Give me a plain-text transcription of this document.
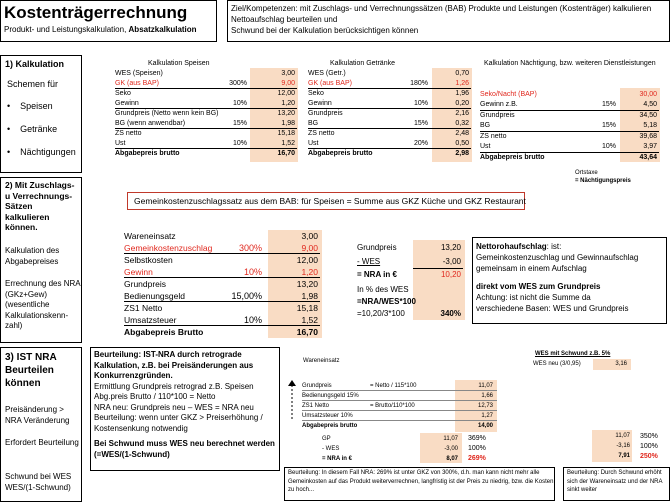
Kostenträgerrechnung
Produkt- und Leistungskalkulation, Absatzkalkulation
Ziel/Kompetenzen: mit Zuschlags- und Verrechnungssätzen (BAB) Produkte und Leistungen (Kostenträger) kalkulieren
Nettoaufschlag beurteilen und
Schwund bei der Kalkulation berücksichtigen können
1) Kalkulation
Schemen für
•    Speisen
•    Getränke
•    Nächtigungen
2) Mit Zuschlags- u Verrechnungs-Sätzen kalkulieren können.
Kalkulation des Abgabepreises
Errechnung des NRA (GKz+Gew) (wesentliche Kalkulationskenn-zahl)
3) IST NRA Beurteilen können
Preisänderung > NRA Veränderung
Erfordert Beurteilung
Schwund bei WES WES/(1-Schwund)
Kalkulation Speisen
WES (Speisen)	3,00
GK (aus BAP)	300%	9,00
Seko	12,00
Gewinn	10%	1,20
Grundpreis (Netto wenn kein BG)	13,20
BG (wenn anwendbar)	15%	1,98
ZS netto	15,18
Ust	10%	1,52
Abgabepreis brutto	16,70
Kalkulation Getränke
WES (Getr.)	0,70
GK (aus BAP)	180%	1,26
Seko	1,96
Gewinn	10%	0,20
Grundpreis	2,16
BG	15%	0,32
ZS netto	2,48
Ust	20%	0,50
Abgabepreis brutto	2,98
Kalkulation Nächtigung, bzw. weiteren Dienstleistungen
Seko/Nacht (BAP)	30,00
Gewinn z.B.	15%	4,50
Grundpreis	34,50
BG	15%	5,18
ZS netto	39,68
Ust	10%	3,97
Abgabepreis brutto	43,64
Ortstaxe
= Nächtigungspreis
Gemeinkostenzuschlagssatz aus dem BAB: für Speisen = Summe aus GKZ Küche und GKZ Restaurant
Wareneinsatz	3,00
Gemeinkostenzuschlag	300%	9,00
Selbstkosten	12,00
Gewinn	10%	1,20
Grundpreis	13,20
Bedienungsgeld	15,00%	1,98
ZS1 Netto	15,18
Umsatzsteuer	10%	1,52
Abgabepreis Brutto	16,70
Grundpreis	13,20
- WES	-3,00
= NRA in €	10,20
In % des WES
=NRA/WES*100
=10,20/3*100	340%
Nettorohaufschlag: ist:
Gemeinkostenzuschlag und Gewinnaufschlag
gemeinsam in einem Aufschlag
direkt vom WES zum Grundpreis
Achtung: ist nicht die Summe da
verschiedene Basen: WES und Grundpreis
Beurteilung: IST-NRA durch retrograde Kalkulation, z.B. bei Preisänderungen aus Konkurrenzgründen.
Ermittlung Grundpreis retrograd z.B. Speisen Abg.preis Brutto / 110*100 = Netto
NRA neu: Grundpreis neu – WES = NRA neu
Beurteilung: wenn unter GKZ > Preiserhöhung / Kostensenkung notwendig
Bei Schwund muss WES neu berechnet werden (=WES/(1-Schwund)
Wareneinsatz
Grundpreis	= Netto / 115*100	11,07
Bedienungsgeld 15%	1,66
ZS1 Netto	= Brutto/110*100	12,73
Umsatzsteuer 10%	1,27
Abgabepreis brutto	14,00
GP	11,07 369%
- WES	-3,00 100%
= NRA in €	8,07 269%
Beurteilung: In diesem Fall NRA: 269% ist unter GKZ von 300%, d.h. man kann nicht mehr alle Gemeinkosten auf das Produkt weiterverrechnen, langfristig ist der Preis zu niedrig, bzw. die Kosten zu hoch...
WES mit Schwund z.B. 5%
WES neu (3/0,95)	3,16
11,07 350%
-3,16 100%
7,91 250%
Beurteilung: Durch Schwund erhöht sich der Wareneinsatz und der NRA sinkt weiter
